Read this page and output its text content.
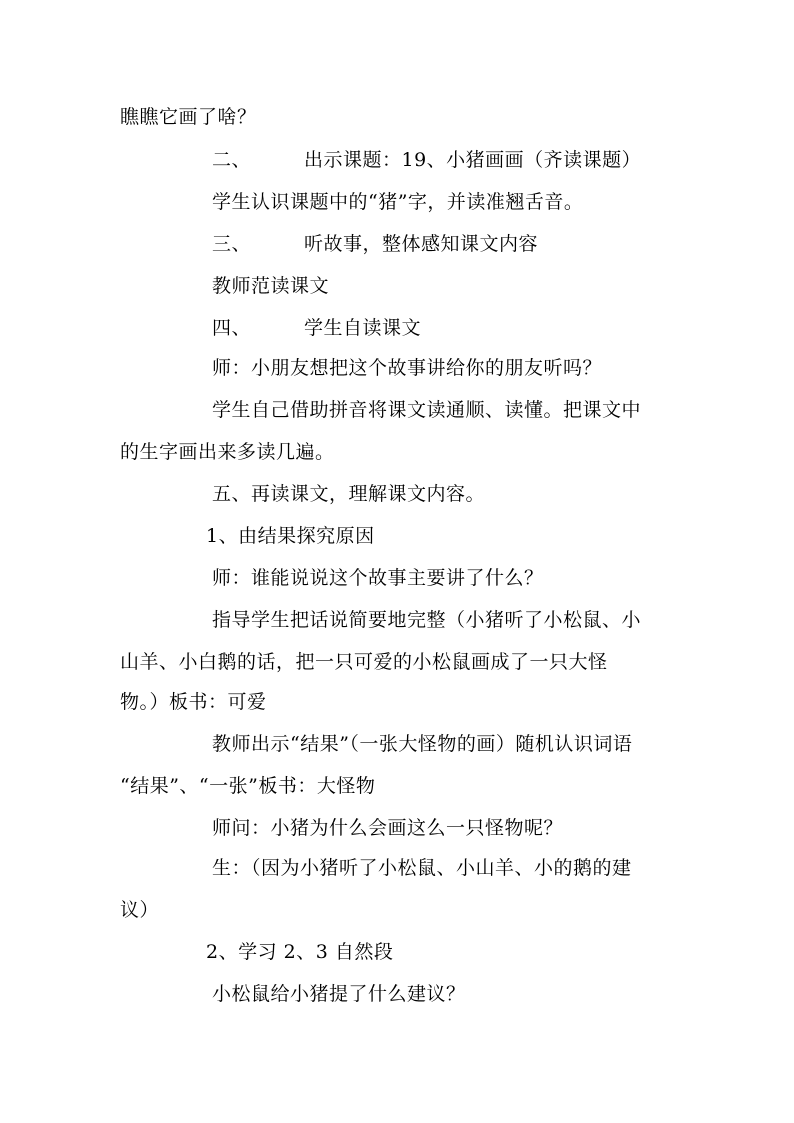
瞧瞧它画了啥？
二、	出示课题：19、小猪画画（齐读课题）
学生认识课题中的“猪”字，并读准翘舌音。
三、	听故事，整体感知课文内容
教师范读课文
四、	学生自读课文
师：小朋友想把这个故事讲给你的朋友听吗？
学生自己借助拼音将课文读通顺、读懂。把课文中
的生字画出来多读几遍。
五、再读课文，理解课文内容。
1、由结果探究原因
师：谁能说说这个故事主要讲了什么？
指导学生把话说简要地完整（小猪听了小松鼠、小
山羊、小白鹅的话，把一只可爱的小松鼠画成了一只大怪
物。）板书：可爱
教师出示“结果”（一张大怪物的画）随机认识词语
“结果”、“一张”板书：大怪物
师问：小猪为什么会画这么一只怪物呢？
生：（因为小猪听了小松鼠、小山羊、小的鹅的建
议）
2、学习 2、3 自然段
小松鼠给小猪提了什么建议？
